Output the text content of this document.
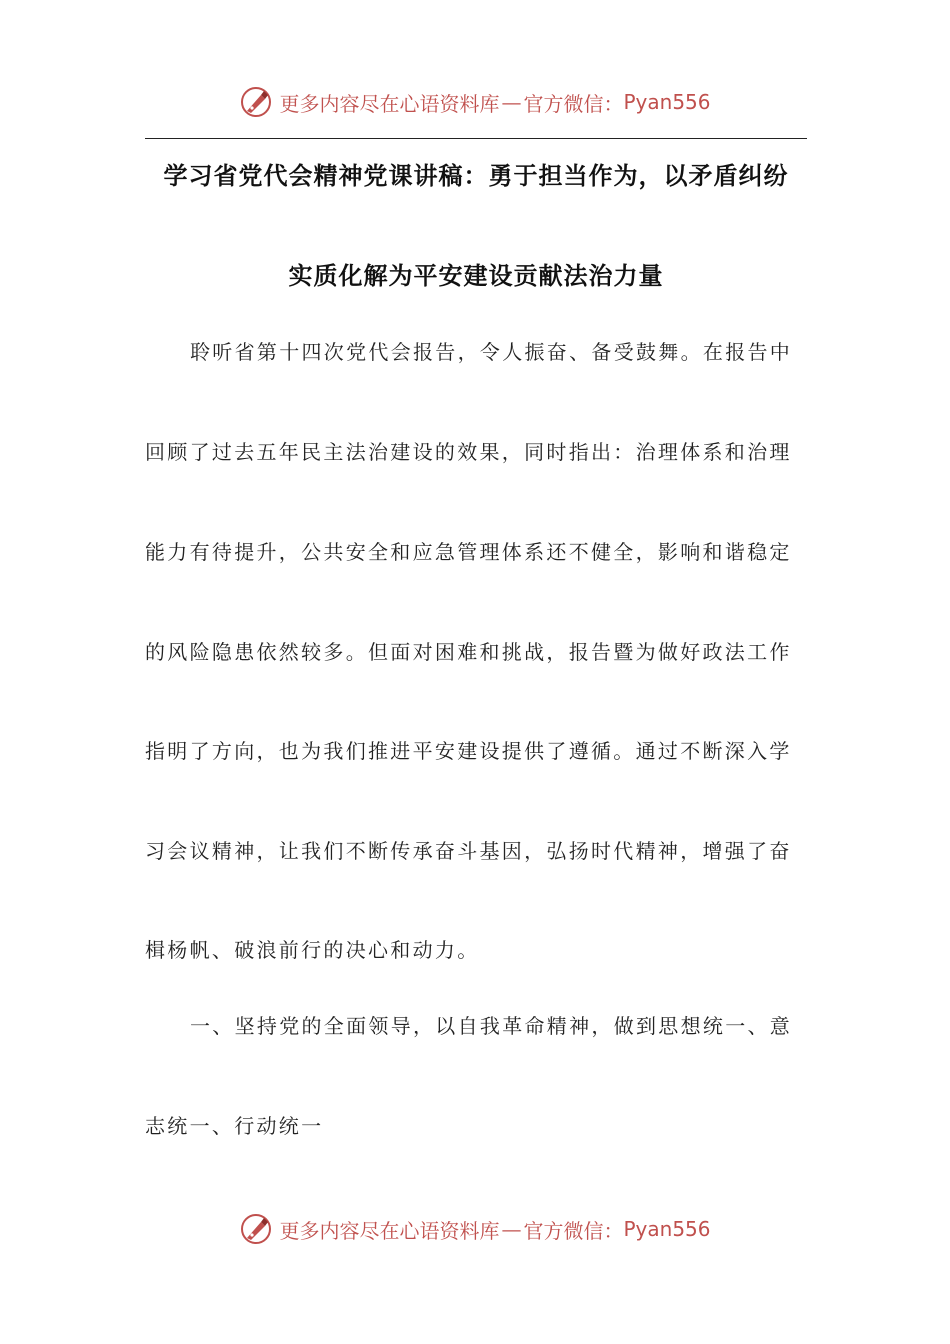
更多内容尽在心语资料库 — 官方微信： Pyan556
学习省党代会精神党课讲稿：勇于担当作为，以矛盾纠纷
实质化解为平安建设贡献法治力量
聆听省第十四次党代会报告，令人振奋、备受鼓舞。在报告中
回顾了过去五年民主法治建设的效果，同时指出：治理体系和治理
能力有待提升，公共安全和应急管理体系还不健全，影响和谐稳定
的风险隐患依然较多。但面对困难和挑战，报告暨为做好政法工作
指明了方向，也为我们推进平安建设提供了遵循。通过不断深入学
习会议精神，让我们不断传承奋斗基因，弘扬时代精神，增强了奋
楫杨帆、破浪前行的决心和动力。
一、坚持党的全面领导，以自我革命精神，做到思想统一、意
志统一、行动统一
更多内容尽在心语资料库 — 官方微信： Pyan556
